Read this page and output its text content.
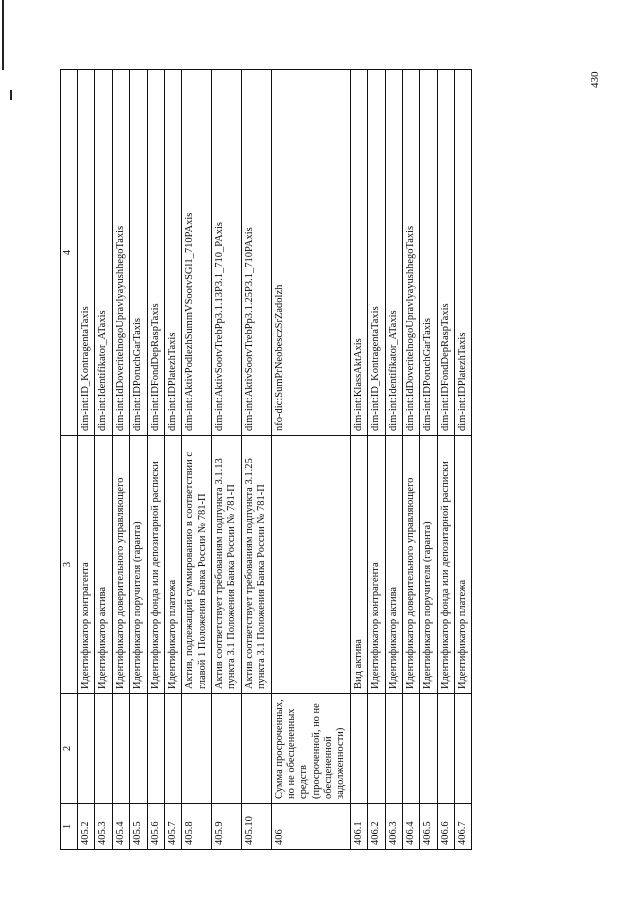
430
1	2	3	4
405.2		Идентификатор контрагента	dim-int:ID_KontragentaTaxis
405.3		Идентификатор актива	dim-int:Identifikator_ATaxis
405.4		Идентификатор доверительного управляющего	dim-int:IdDoveritelnogoUpravlyayushhegoTaxis
405.5		Идентификатор поручителя (гаранта)	dim-int:IDPoruchGarTaxis
405.6		Идентификатор фонда или депозитарной расписки	dim-int:IDFondDepRaspTaxis
405.7		Идентификатор платежа	dim-int:IDPlatezhTaxis
405.8		Актив, подлежащий суммированию в соответствии с главой 1 Положения Банка России № 781-П	dim-int:AktivPodlezhSummVSootvSGl1_710PAxis
405.9		Актив соответствует требованиям подпункта 3.1.13 пункта 3.1 Положения Банка России № 781-П	dim-int:AktivSootvTrebPp3.1.13P3.1_710_PAxis
405.10		Актив соответствует требованиям подпункта 3.1.25 пункта 3.1 Положения Банка России № 781-П	dim-int:AktivSootvTrebPp3.1.25P3.1_710PAxis
406	Сумма просроченных, но не обесцененных средств (просроченной, но не обесцененной задолженности)		nfo-dic:SumPrNeobesczSrZadolzh
406.1		Вид актива	dim-int:KlassAktAxis
406.2		Идентификатор контрагента	dim-int:ID_KontragentaTaxis
406.3		Идентификатор актива	dim-int:Identifikator_ATaxis
406.4		Идентификатор доверительного управляющего	dim-int:IdDoveritelnogoUpravlyayushhegoTaxis
406.5		Идентификатор поручителя (гаранта)	dim-int:IDPoruchGarTaxis
406.6		Идентификатор фонда или депозитарной расписки	dim-int:IDFondDepRaspTaxis
406.7		Идентификатор платежа	dim-int:IDPlatezhTaxis
